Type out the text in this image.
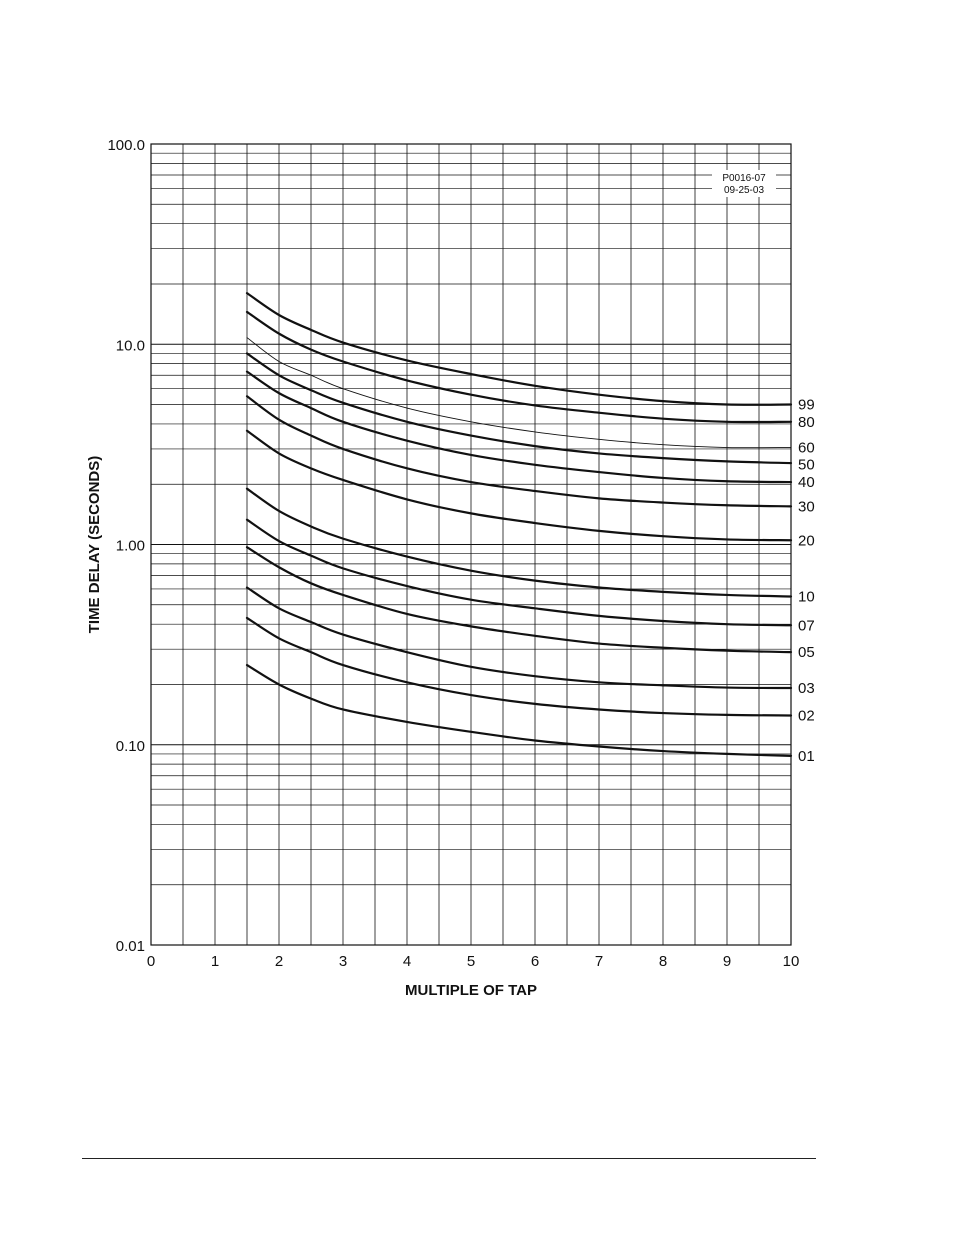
99
80
60
50
40
30
20
10
07
05
03
02
01
0	1	2	3	4	5	6	7	8	9	10
0.01
0.10
1.00
10.0
100.0
MULTIPLE OF TAP
TIME DELAY (SECONDS)
P0016-07
09-25-03
